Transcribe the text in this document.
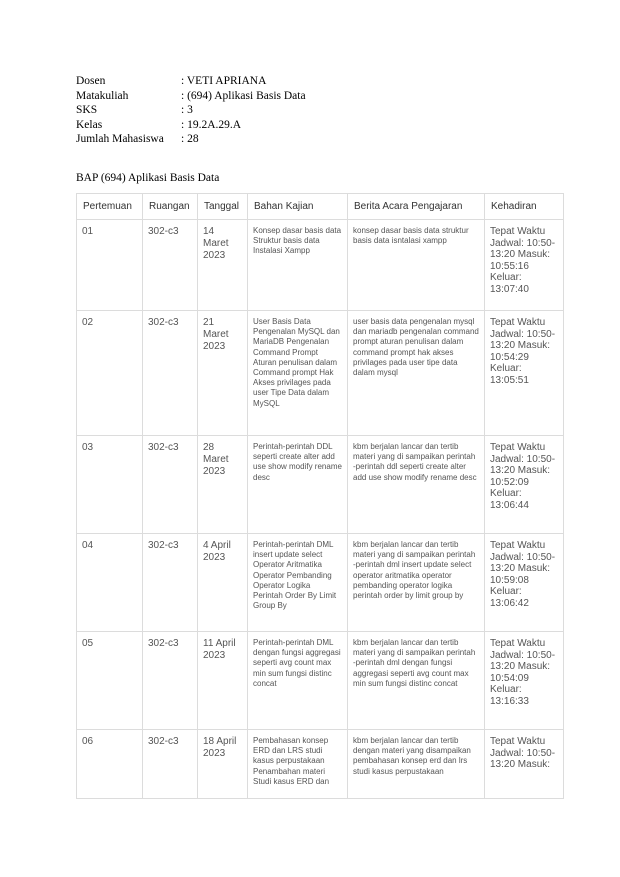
Dosen	: VETI APRIANA
Matakuliah	: (694) Aplikasi Basis Data
SKS	: 3
Kelas	: 19.2A.29.A
Jumlah Mahasiswa	: 28
BAP (694) Aplikasi Basis Data
Pertemuan	Ruangan	Tanggal	Bahan Kajian	Berita Acara Pengajaran	Kehadiran
01	302-c3	14 Maret 2023	Konsep dasar basis data Struktur basis data Instalasi Xampp	konsep dasar basis data struktur basis data isntalasi xampp	Tepat Waktu Jadwal: 10:50-13:20 Masuk: 10:55:16 Keluar: 13:07:40
02	302-c3	21 Maret 2023	User Basis Data Pengenalan MySQL dan MariaDB Pengenalan Command Prompt Aturan penulisan dalam Command prompt Hak Akses privilages pada user Tipe Data dalam MySQL	user basis data pengenalan mysql dan mariadb pengenalan command prompt aturan penulisan dalam command prompt hak akses privilages pada user tipe data dalam mysql	Tepat Waktu Jadwal: 10:50-13:20 Masuk: 10:54:29 Keluar: 13:05:51
03	302-c3	28 Maret 2023	Perintah-perintah DDL seperti create alter add use show modify rename desc	kbm berjalan lancar dan tertib materi yang di sampaikan perintah -perintah ddl seperti create alter add use show modify rename desc	Tepat Waktu Jadwal: 10:50-13:20 Masuk: 10:52:09 Keluar: 13:06:44
04	302-c3	4 April 2023	Perintah-perintah DML insert update select Operator Aritmatika Operator Pembanding Operator Logika Perintah Order By Limit Group By	kbm berjalan lancar dan tertib materi yang di sampaikan perintah -perintah dml insert update select operator aritmatika operator pembanding operator logika perintah order by limit group by	Tepat Waktu Jadwal: 10:50-13:20 Masuk: 10:59:08 Keluar: 13:06:42
05	302-c3	11 April 2023	Perintah-perintah DML dengan fungsi aggregasi seperti avg count max min sum fungsi distinc concat	kbm berjalan lancar dan tertib materi yang di sampaikan perintah -perintah dml dengan fungsi aggregasi seperti avg count max min sum fungsi distinc concat	Tepat Waktu Jadwal: 10:50-13:20 Masuk: 10:54:09 Keluar: 13:16:33
06	302-c3	18 April 2023	Pembahasan konsep ERD dan LRS studi kasus perpustakaan Penambahan materi Studi kasus ERD dan	kbm berjalan lancar dan tertib dengan materi yang disampaikan pembahasan konsep erd dan lrs studi kasus perpustakaan	Tepat Waktu Jadwal: 10:50-13:20 Masuk:
